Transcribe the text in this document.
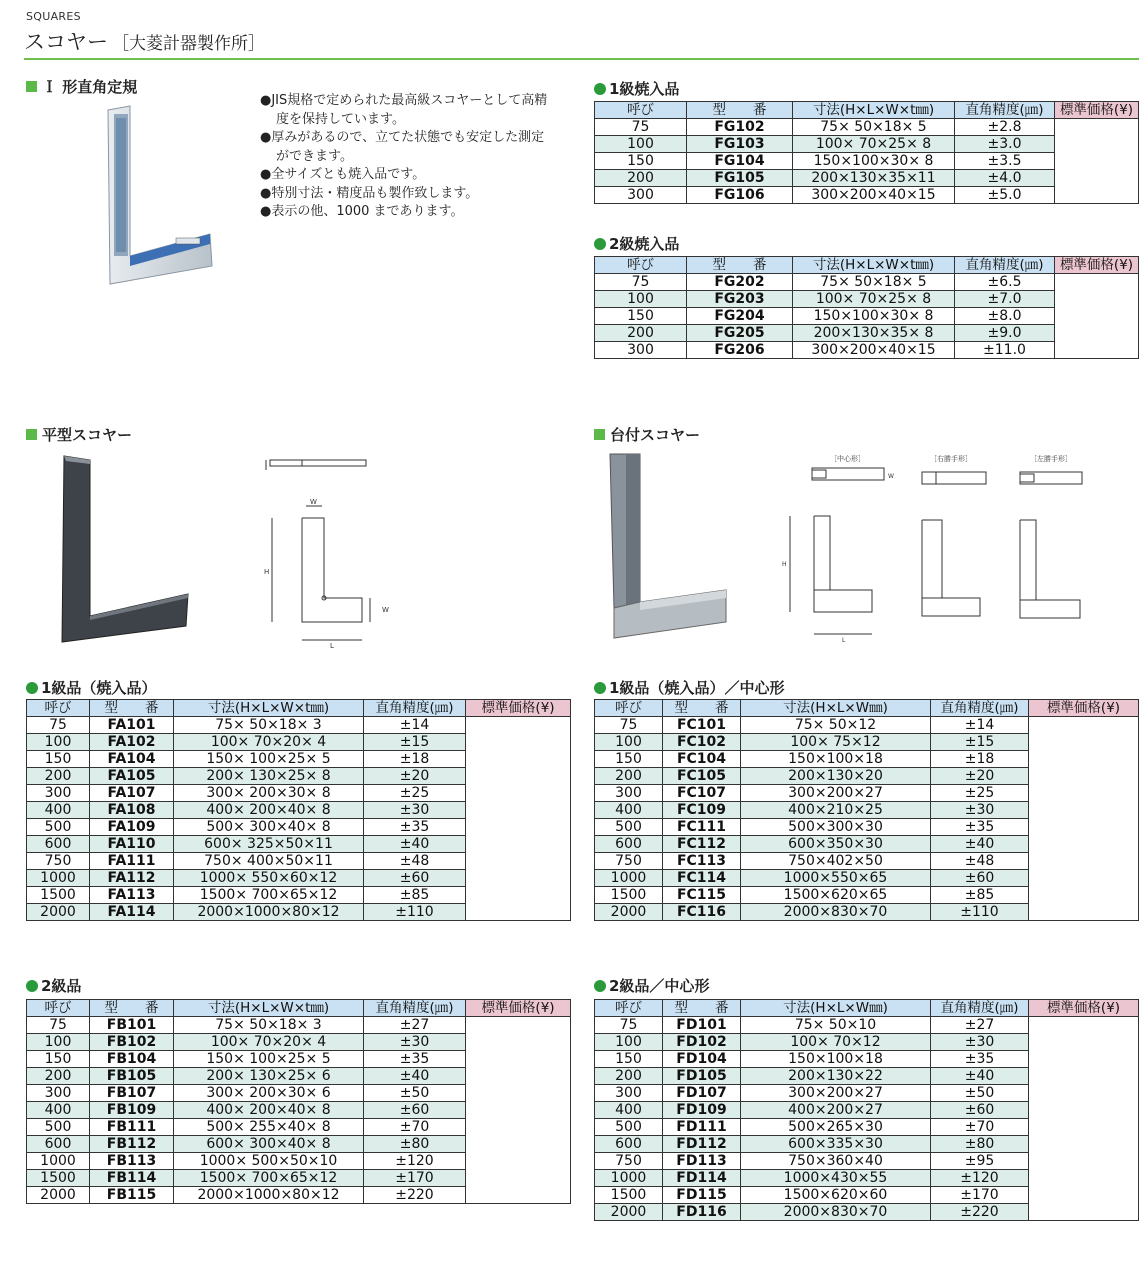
SQUARES
スコヤー ［大菱計器製作所］
Ｉ 形直角定規
●JIS規格で定められた最高級スコヤーとして高精度を保持しています。
●厚みがあるので、立てた状態でも安定した測定ができます。
●全サイズとも焼入品です。
●特別寸法・精度品も製作致します。
●表示の他、1000 まであります。
1級焼入品
2級焼入品
呼び	型　　番	寸法(H×L×W×t㎜)	直角精度(㎛)	標準価格(¥)
75	FG102	75× 50×18× 5	±2.8	
100	FG103	100× 70×25× 8	±3.0	
150	FG104	150×100×30× 8	±3.5	
200	FG105	200×130×35×11	±4.0	
300	FG106	300×200×40×15	±5.0	
呼び	型　　番	寸法(H×L×W×t㎜)	直角精度(㎛)	標準価格(¥)
75	FG202	75× 50×18× 5	±6.5	
100	FG203	100× 70×25× 8	±7.0	
150	FG204	150×100×30× 8	±8.0	
200	FG205	200×130×35× 8	±9.0	
300	FG206	300×200×40×15	±11.0	
平型スコヤー
W
H
W
L
台付スコヤー
［中心形］	［右勝手形］	［左勝手形］
W
H
L
1級品（焼入品）	1級品（焼入品）／中心形
呼び	型　　番	寸法(H×L×W×t㎜)	直角精度(㎛)	標準価格(¥)
75	FA101	75× 50×18× 3	±14	
100	FA102	100× 70×20× 4	±15	
150	FA104	150× 100×25× 5	±18	
200	FA105	200× 130×25× 8	±20	
300	FA107	300× 200×30× 8	±25	
400	FA108	400× 200×40× 8	±30	
500	FA109	500× 300×40× 8	±35	
600	FA110	600× 325×50×11	±40	
750	FA111	750× 400×50×11	±48	
1000	FA112	1000× 550×60×12	±60	
1500	FA113	1500× 700×65×12	±85	
2000	FA114	2000×1000×80×12	±110	
呼び	型　　番	寸法(H×L×W㎜)	直角精度(㎛)	標準価格(¥)
75	FC101	75× 50×12	±14	
100	FC102	100× 75×12	±15	
150	FC104	150×100×18	±18	
200	FC105	200×130×20	±20	
300	FC107	300×200×27	±25	
400	FC109	400×210×25	±30	
500	FC111	500×300×30	±35	
600	FC112	600×350×30	±40	
750	FC113	750×402×50	±48	
1000	FC114	1000×550×65	±60	
1500	FC115	1500×620×65	±85	
2000	FC116	2000×830×70	±110	
2級品	2級品／中心形
呼び	型　　番	寸法(H×L×W×t㎜)	直角精度(㎛)	標準価格(¥)
75	FB101	75× 50×18× 3	±27	
100	FB102	100× 70×20× 4	±30	
150	FB104	150× 100×25× 5	±35	
200	FB105	200× 130×25× 6	±40	
300	FB107	300× 200×30× 6	±50	
400	FB109	400× 200×40× 8	±60	
500	FB111	500× 255×40× 8	±70	
600	FB112	600× 300×40× 8	±80	
1000	FB113	1000× 500×50×10	±120	
1500	FB114	1500× 700×65×12	±170	
2000	FB115	2000×1000×80×12	±220	
呼び	型　　番	寸法(H×L×W㎜)	直角精度(㎛)	標準価格(¥)
75	FD101	75× 50×10	±27	
100	FD102	100× 70×12	±30	
150	FD104	150×100×18	±35	
200	FD105	200×130×22	±40	
300	FD107	300×200×27	±50	
400	FD109	400×200×27	±60	
500	FD111	500×265×30	±70	
600	FD112	600×335×30	±80	
750	FD113	750×360×40	±95	
1000	FD114	1000×430×55	±120	
1500	FD115	1500×620×60	±170	
2000	FD116	2000×830×70	±220	
